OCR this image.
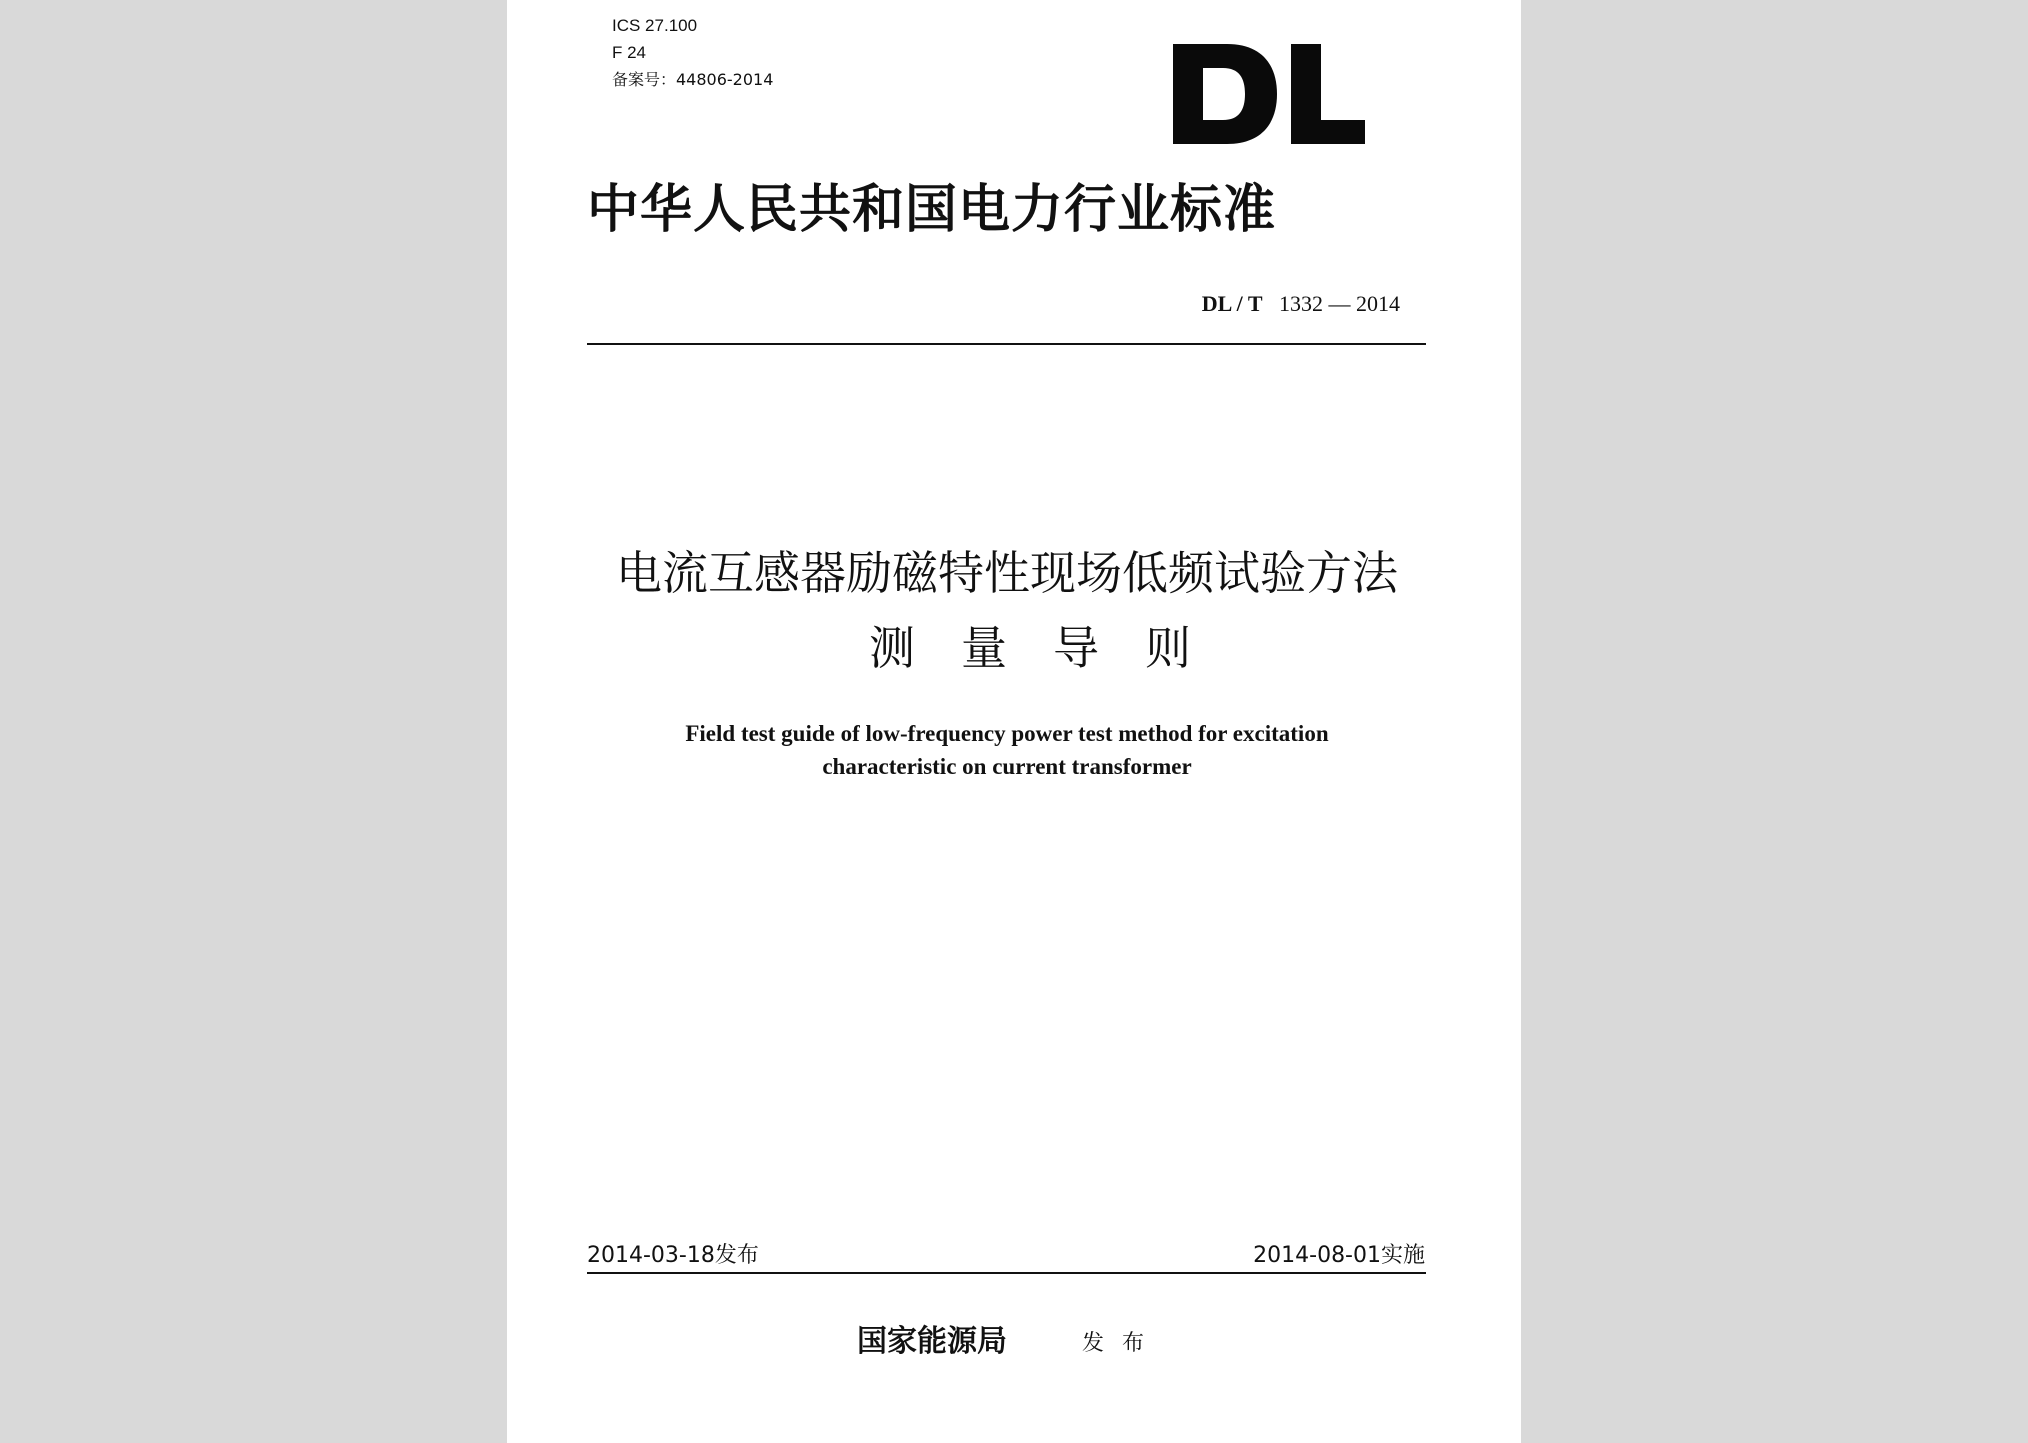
ICS 27.100
F 24
备案号：44806-2014
中华人民共和国电力行业标准
DL / T 1332 — 2014
电流互感器励磁特性现场低频试验方法
测量导则
Field test guide of low-frequency power test method for excitation
characteristic on current transformer
2014-03-18发布	2014-08-01实施
国家能源局	发布
